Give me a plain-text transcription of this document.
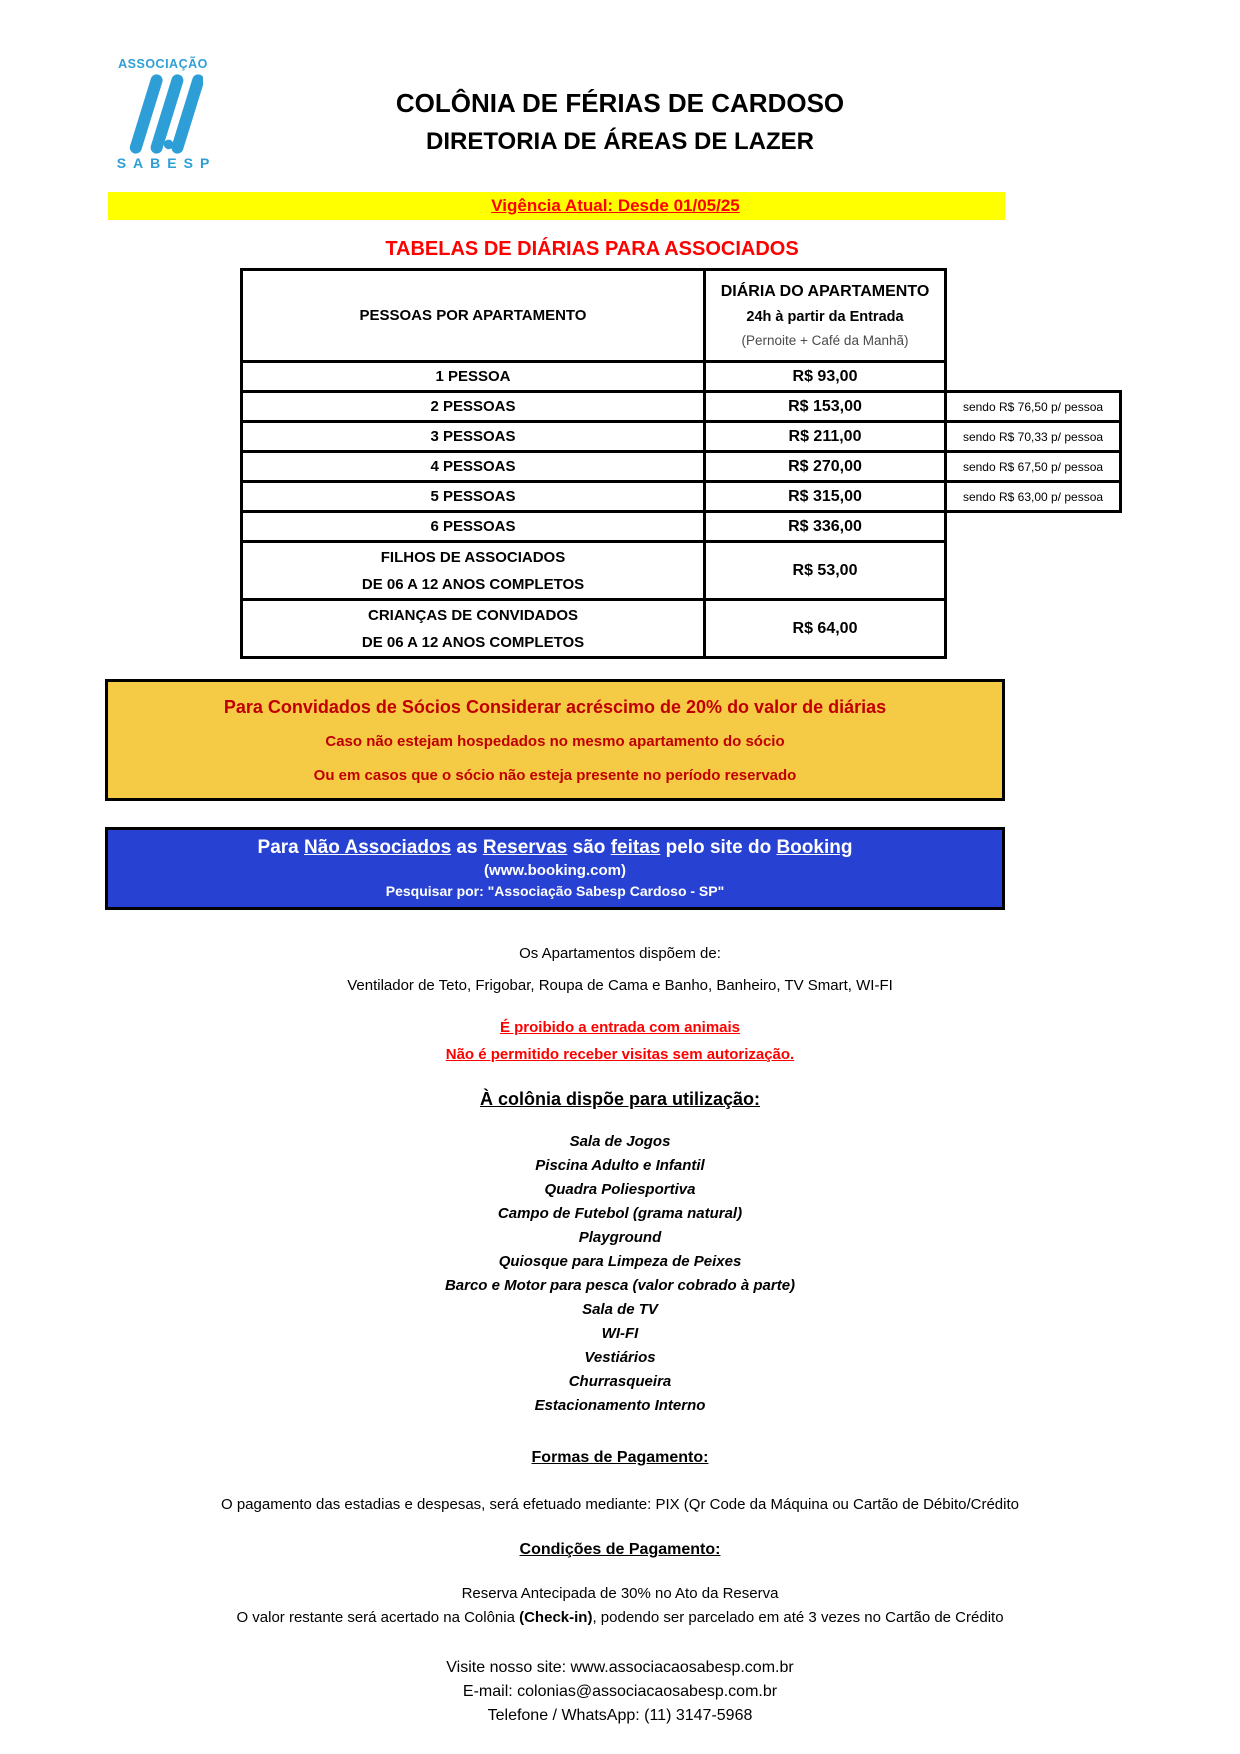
ASSOCIAÇÃO
SABESP
COLÔNIA DE FÉRIAS DE CARDOSO
DIRETORIA DE ÁREAS DE LAZER
Vigência Atual: Desde 01/05/25
TABELAS DE DIÁRIAS PARA ASSOCIADOS
PESSOAS POR APARTAMENTO	DIÁRIA DO APARTAMENTO
24h à partir da Entrada
(Pernoite + Café da Manhã)	

1 PESSOA	R$ 93,00	
2 PESSOAS	R$ 153,00	sendo R$ 76,50 p/ pessoa
3 PESSOAS	R$ 211,00	sendo R$ 70,33 p/ pessoa
4 PESSOAS	R$ 270,00	sendo R$ 67,50 p/ pessoa
5 PESSOAS	R$ 315,00	sendo R$ 63,00 p/ pessoa
6 PESSOAS	R$ 336,00	

FILHOS DE ASSOCIADOS
DE 06 A 12 ANOS COMPLETOS	R$ 53,00	

CRIANÇAS DE CONVIDADOS
DE 06 A 12 ANOS COMPLETOS	R$ 64,00	
Para Convidados de Sócios Considerar acréscimo de 20% do valor de diárias
Caso não estejam hospedados no mesmo apartamento do sócio
Ou em casos que o sócio não esteja presente no período reservado
Para Não Associados as Reservas são feitas pelo site do Booking
(www.booking.com)
Pesquisar por: "Associação Sabesp Cardoso - SP"
Os Apartamentos dispõem de:
Ventilador de Teto, Frigobar, Roupa de Cama e Banho, Banheiro, TV Smart, WI-FI
É proibido a entrada com animais
Não é permitido receber visitas sem autorização.
À colônia dispõe para utilização:
Sala de Jogos
Piscina Adulto e Infantil
Quadra Poliesportiva
Campo de Futebol (grama natural)
Playground
Quiosque para Limpeza de Peixes
Barco e Motor para pesca (valor cobrado à parte)
Sala de TV
WI-FI
Vestiários
Churrasqueira
Estacionamento Interno
Formas de Pagamento:
O pagamento das estadias e despesas, será efetuado mediante: PIX (Qr Code da Máquina ou Cartão de Débito/Crédito
Condições de Pagamento:
Reserva Antecipada de 30% no Ato da Reserva
O valor restante será acertado na Colônia (Check-in), podendo ser parcelado em até 3 vezes no Cartão de Crédito
Visite nosso site: www.associacaosabesp.com.br
E-mail: colonias@associacaosabesp.com.br
Telefone / WhatsApp: (11) 3147-5968
